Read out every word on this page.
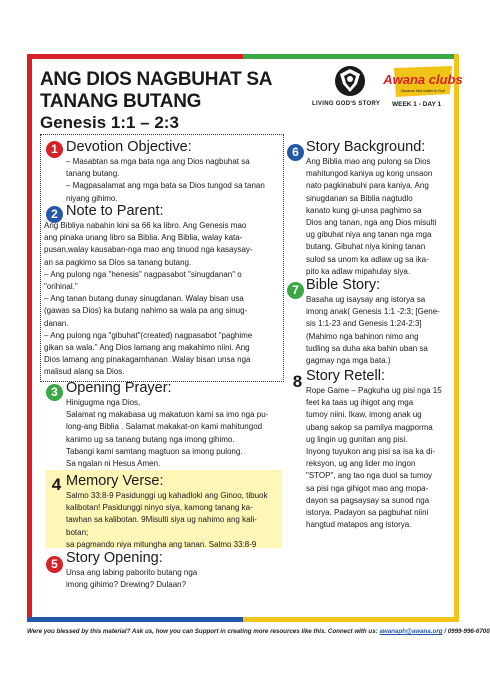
ANG DIOS NAGBUHAT SA TANANG BUTANG
Genesis 1:1 – 2:3
LIVING GOD'S STORY
Awana clubs
Because kids matter to God
WEEK 1 - DAY 1
1 Devotion Objective:

– Masabtan sa mga bata nga ang Dios nagbuhat sa

tanang butang.

– Magpasalamat ang mga bata sa Dios tungod sa tanan

niyang gihimo.

2 Note to Parent:

Ang Bibliya nabahin kini sa 66 ka libro. Ang Genesis mao

ang pinaka unang libro sa Biblia. Ang Biblia, walay kata-

pusan,walay kausaban-nga mao ang tinuod nga kasaysay-

an sa pagkimo sa Dios sa tanang butang.

– Ang pulong nga "henesis" nagpasabot "sinugdanan" o

"orihinal."

– Ang tanan butang dunay sinugdanan. Walay bisan usa

(gawas sa Dios) ka butang nahimo sa wala pa ang sinug-

danan.

– Ang pulong nga "gibuhat"(created) nagpasabot "paghime

gikan sa wala." Ang Dios lamang ang makahimo niini. Ang

Dios lamang ang pinakagamhanan .Walay bisan unsa nga

malisud alang sa Dios.

3 Opening Prayer:

Hinigugma nga Dios,

Salamat ng makabasa ug makatuon kami sa imo nga pu-

long-ang Biblia . Salamat makakat-on kami mahitungod

kanimo ug sa tanang butang nga imong gihimo.

Tabangi kami samtang magtuon sa imong pulong.

Sa ngalan ni Hesus Amen.

4 Memory Verse:

Salmo 33:8-9 Pasidunggi ug kahadloki ang Ginoo, tibuok

kalibotan! Pasidunggi ninyo siya, kamong tanang ka-

tawhan sa kalibotan. 9Misulti siya ug nahimo ang kali-

botan;

sa pagmando niya mitungha ang tanan. Salmo 33:8-9

5 Story Opening:

Unsa ang labing paborito butang nga

imong gihimo? Drewing? Dulaan?

6 Story Background:

Ang Biblia mao ang pulong sa Dios

mahitungod kaniya ug kong unsaon

nato pagkinabuhi para kaniya. Ang

sinugdanan sa Biblia nagtudlo

kanato kung gi-unsa paghimo sa

Dios ang tanan, nga ang Dios misulti

ug gibuhat niya ang tanan nga mga

butang. Gibuhat niya kining tanan

sulod sa unom ka adlaw ug sa ika-

pito ka adlaw mipahulay siya.

7 Bible Story:

Basaha ug isaysay ang istorya sa

imong anak( Genesis 1:1 -2:3; [Gene-

sis 1:1-23 and Genesis 1:24-2:3]

(Mahimo nga bahinon nimo ang

tudling sa duha aka bahin uban sa

gagmay nga mga bata.)

8 Story Retell:

Rope Game – Pagkuha ug pisi nga 15

feet ka taas ug ihigot ang mga

tumoy niini. Ikaw, imong anak ug

ubang sakop sa pamilya magporma

ug lingin ug gunitan ang pisi.

Inyong tuyukon ang pisi sa isa ka di-

reksyon, ug ang lider mo ingon

"STOP", ang tao nga duol sa tumoy

sa pisi nga gihigot mao ang mopa-

dayon sa pagsaysay sa sunod nga

istorya. Padayon sa pagbuhat niini

hangtud matapos ang istorya.

Were you blessed by this material? Ask us, how you can Support in creating more resources like this. Connect with us: awanaph@awana.org / 0999-996-6700
